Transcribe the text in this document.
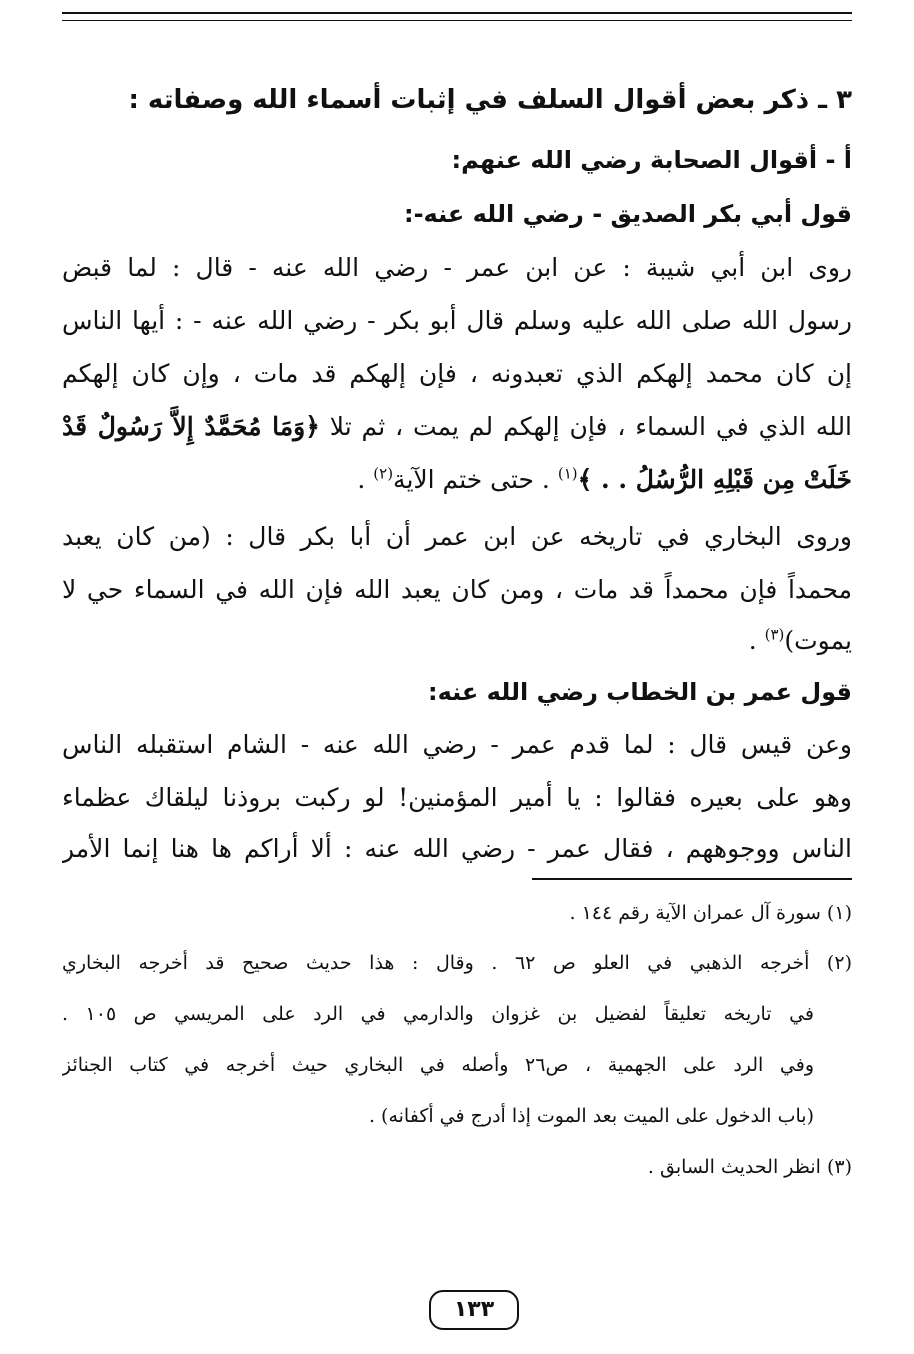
٣ ـ ذكر بعض أقوال السلف في إثبات أسماء الله وصفاته :
أ - أقوال الصحابة رضي الله عنهم:
قول أبي بكر الصديق - رضي الله عنه-:
روى ابن أبي شيبة : عن ابن عمر - رضي الله عنه - قال : لما قبض
رسول الله صلى الله عليه وسلم قال أبو بكر - رضي الله عنه - : أيها الناس
إن كان محمد إلهكم الذي تعبدونه ، فإن إلهكم قد مات ، وإن كان إلهكم
الله الذي في السماء ، فإن إلهكم لم يمت ، ثم تلا ﴿وَمَا مُحَمَّدٌ إِلاَّ رَسُولٌ قَدْ
خَلَتْ مِن قَبْلِهِ الرُّسُلُ . . ﴾$^{(١)}$ . حتى ختم الآية$^{(٢)}$ .
وروى البخاري في تاريخه عن ابن عمر أن أبا بكر قال : (من كان يعبد
محمداً فإن محمداً قد مات ، ومن كان يعبد الله فإن الله في السماء حي لا
يموت)$^{(٣)}$ .
قول عمر بن الخطاب رضي الله عنه:
وعن قيس قال : لما قدم عمر - رضي الله عنه - الشام استقبله الناس
وهو على بعيره فقالوا : يا أمير المؤمنين! لو ركبت بروذنا ليلقاك عظماء
الناس ووجوههم ، فقال عمر - رضي الله عنه : ألا أراكم ها هنا إنما الأمر
(١) سورة آل عمران الآية رقم ١٤٤ .
(٢) أخرجه الذهبي في العلو ص ٦٢ . وقال : هذا حديث صحيح قد أخرجه البخاري
في تاريخه تعليقاً لفضيل بن غزوان والدارمي في الرد على المريسي ص ١٠٥ .
وفي الرد على الجهمية ، ص٢٦ وأصله في البخاري حيث أخرجه في كتاب الجنائز
(باب الدخول على الميت بعد الموت إذا أدرج في أكفانه) .
(٣) انظر الحديث السابق .
١٣٣
